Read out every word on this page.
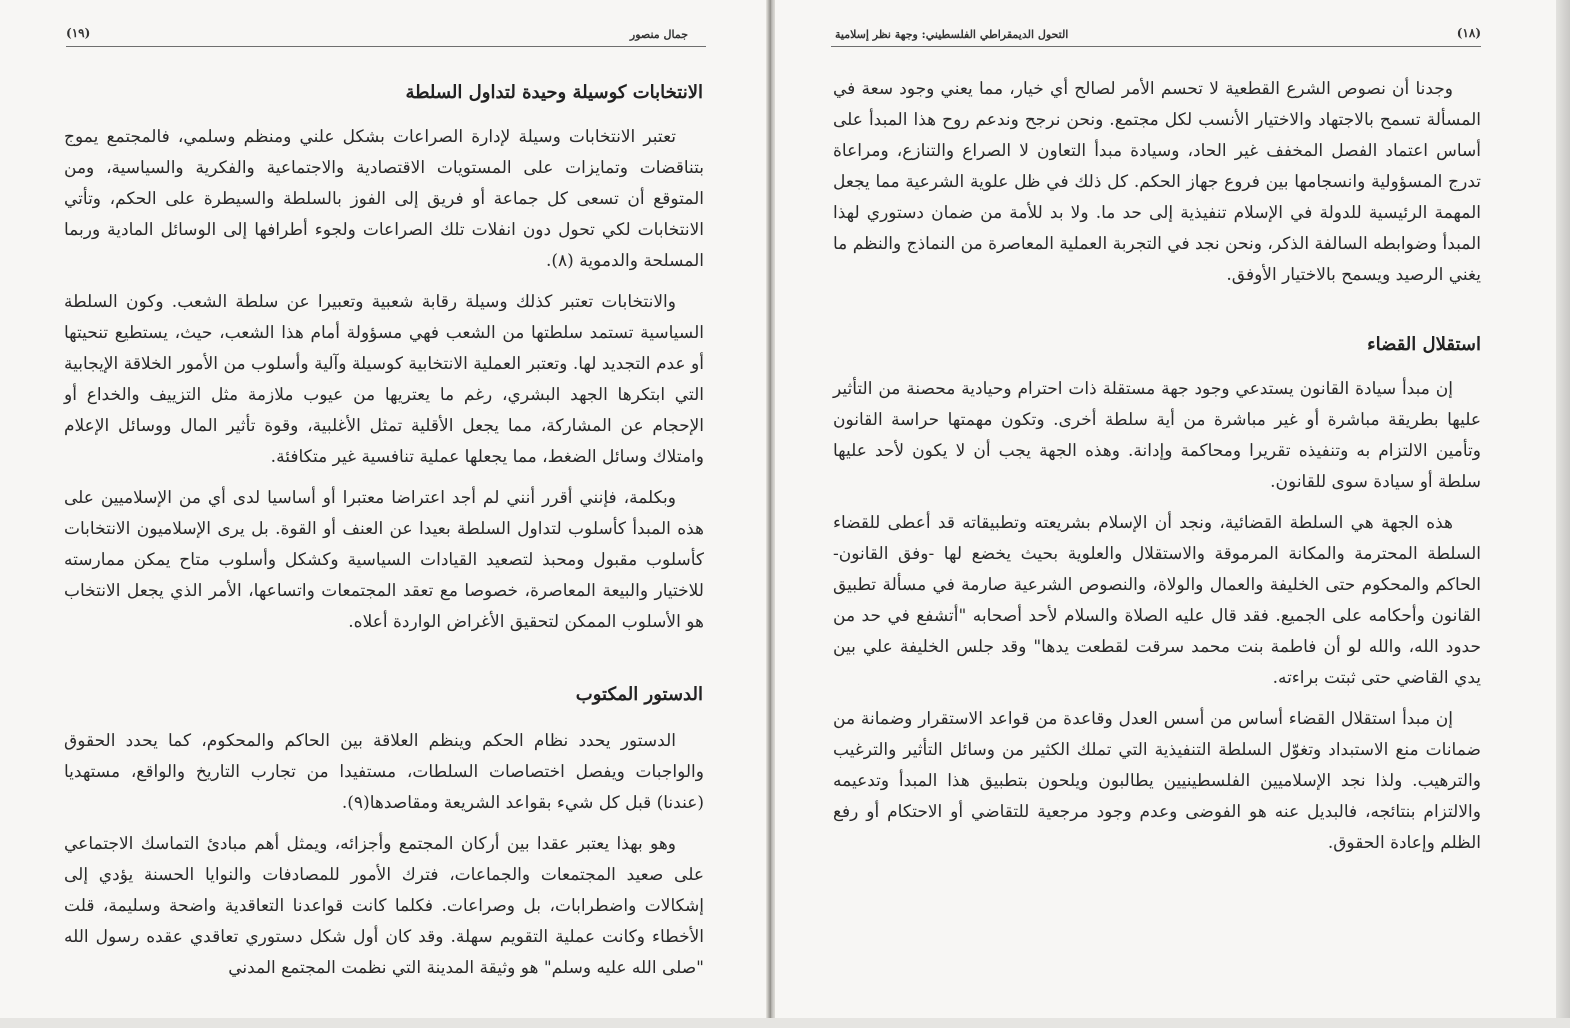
(١٩)	جمال منصور
الانتخابات كوسيلة وحيدة لتداول السلطة

تعتبر الانتخابات وسيلة لإدارة الصراعات بشكل علني ومنظم وسلمي، فالمجتمع يموج بتناقضات وتمايزات على المستويات الاقتصادية والاجتماعية والفكرية والسياسية، ومن المتوقع أن تسعى كل جماعة أو فريق إلى الفوز بالسلطة والسيطرة على الحكم، وتأتي الانتخابات لكي تحول دون انفلات تلك الصراعات ولجوء أطرافها إلى الوسائل المادية وربما المسلحة والدموية (٨).

والانتخابات تعتبر كذلك وسيلة رقابة شعبية وتعبيرا عن سلطة الشعب. وكون السلطة السياسية تستمد سلطتها من الشعب فهي مسؤولة أمام هذا الشعب، حيث، يستطيع تنحيتها أو عدم التجديد لها. وتعتبر العملية الانتخابية كوسيلة وآلية وأسلوب من الأمور الخلاقة الإيجابية التي ابتكرها الجهد البشري، رغم ما يعتريها من عيوب ملازمة مثل التزييف والخداع أو الإحجام عن المشاركة، مما يجعل الأقلية تمثل الأغلبية، وقوة تأثير المال ووسائل الإعلام وامتلاك وسائل الضغط، مما يجعلها عملية تنافسية غير متكافئة.

وبكلمة، فإنني أقرر أنني لم أجد اعتراضا معتبرا أو أساسيا لدى أي من الإسلاميين على هذه المبدأ كأسلوب لتداول السلطة بعيدا عن العنف أو القوة. بل يرى الإسلاميون الانتخابات كأسلوب مقبول ومحبذ لتصعيد القيادات السياسية وكشكل وأسلوب متاح يمكن ممارسته للاختيار والبيعة المعاصرة، خصوصا مع تعقد المجتمعات واتساعها، الأمر الذي يجعل الانتخاب هو الأسلوب الممكن لتحقيق الأغراض الواردة أعلاه.

الدستور المكتوب

الدستور يحدد نظام الحكم وينظم العلاقة بين الحاكم والمحكوم، كما يحدد الحقوق والواجبات ويفصل اختصاصات السلطات، مستفيدا من تجارب التاريخ والواقع، مستهديا (عندنا) قبل كل شيء بقواعد الشريعة ومقاصدها(٩).

وهو بهذا يعتبر عقدا بين أركان المجتمع وأجزائه، ويمثل أهم مبادئ التماسك الاجتماعي على صعيد المجتمعات والجماعات، فترك الأمور للمصادفات والنوايا الحسنة يؤدي إلى إشكالات واضطرابات، بل وصراعات. فكلما كانت قواعدنا التعاقدية واضحة وسليمة، قلت الأخطاء وكانت عملية التقويم سهلة. وقد كان أول شكل دستوري تعاقدي عقده رسول الله "صلى الله عليه وسلم" هو وثيقة المدينة التي نظمت المجتمع المدني

(١٨)
التحول الديمقراطي الفلسطيني: وجهة نظر إسلامية

وجدنا أن نصوص الشرع القطعية لا تحسم الأمر لصالح أي خيار، مما يعني وجود سعة في المسألة تسمح بالاجتهاد والاختيار الأنسب لكل مجتمع. ونحن نرجح وندعم روح هذا المبدأ على أساس اعتماد الفصل المخفف غير الحاد، وسيادة مبدأ التعاون لا الصراع والتنازع، ومراعاة تدرج المسؤولية وانسجامها بين فروع جهاز الحكم. كل ذلك في ظل علوية الشرعية مما يجعل المهمة الرئيسية للدولة في الإسلام تنفيذية إلى حد ما. ولا بد للأمة من ضمان دستوري لهذا المبدأ وضوابطه السالفة الذكر، ونحن نجد في التجربة العملية المعاصرة من النماذج والنظم ما يغني الرصيد ويسمح بالاختيار الأوفق.

استقلال القضاء

إن مبدأ سيادة القانون يستدعي وجود جهة مستقلة ذات احترام وحيادية محصنة من التأثير عليها بطريقة مباشرة أو غير مباشرة من أية سلطة أخرى. وتكون مهمتها حراسة القانون وتأمين الالتزام به وتنفيذه تقريرا ومحاكمة وإدانة. وهذه الجهة يجب أن لا يكون لأحد عليها سلطة أو سيادة سوى للقانون.

هذه الجهة هي السلطة القضائية، ونجد أن الإسلام بشريعته وتطبيقاته قد أعطى للقضاء السلطة المحترمة والمكانة المرموقة والاستقلال والعلوية بحيث يخضع لها -وفق القانون- الحاكم والمحكوم حتى الخليفة والعمال والولاة، والنصوص الشرعية صارمة في مسألة تطبيق القانون وأحكامه على الجميع. فقد قال عليه الصلاة والسلام لأحد أصحابه "أتشفع في حد من حدود الله، والله لو أن فاطمة بنت محمد سرقت لقطعت يدها" وقد جلس الخليفة علي بين يدي القاضي حتى ثبتت براءته.

إن مبدأ استقلال القضاء أساس من أسس العدل وقاعدة من قواعد الاستقرار وضمانة من ضمانات منع الاستبداد وتغوّل السلطة التنفيذية التي تملك الكثير من وسائل التأثير والترغيب والترهيب. ولذا نجد الإسلاميين الفلسطينيين يطالبون ويلحون بتطبيق هذا المبدأ وتدعيمه والالتزام بنتائجه، فالبديل عنه هو الفوضى وعدم وجود مرجعية للتقاضي أو الاحتكام أو رفع الظلم وإعادة الحقوق.
